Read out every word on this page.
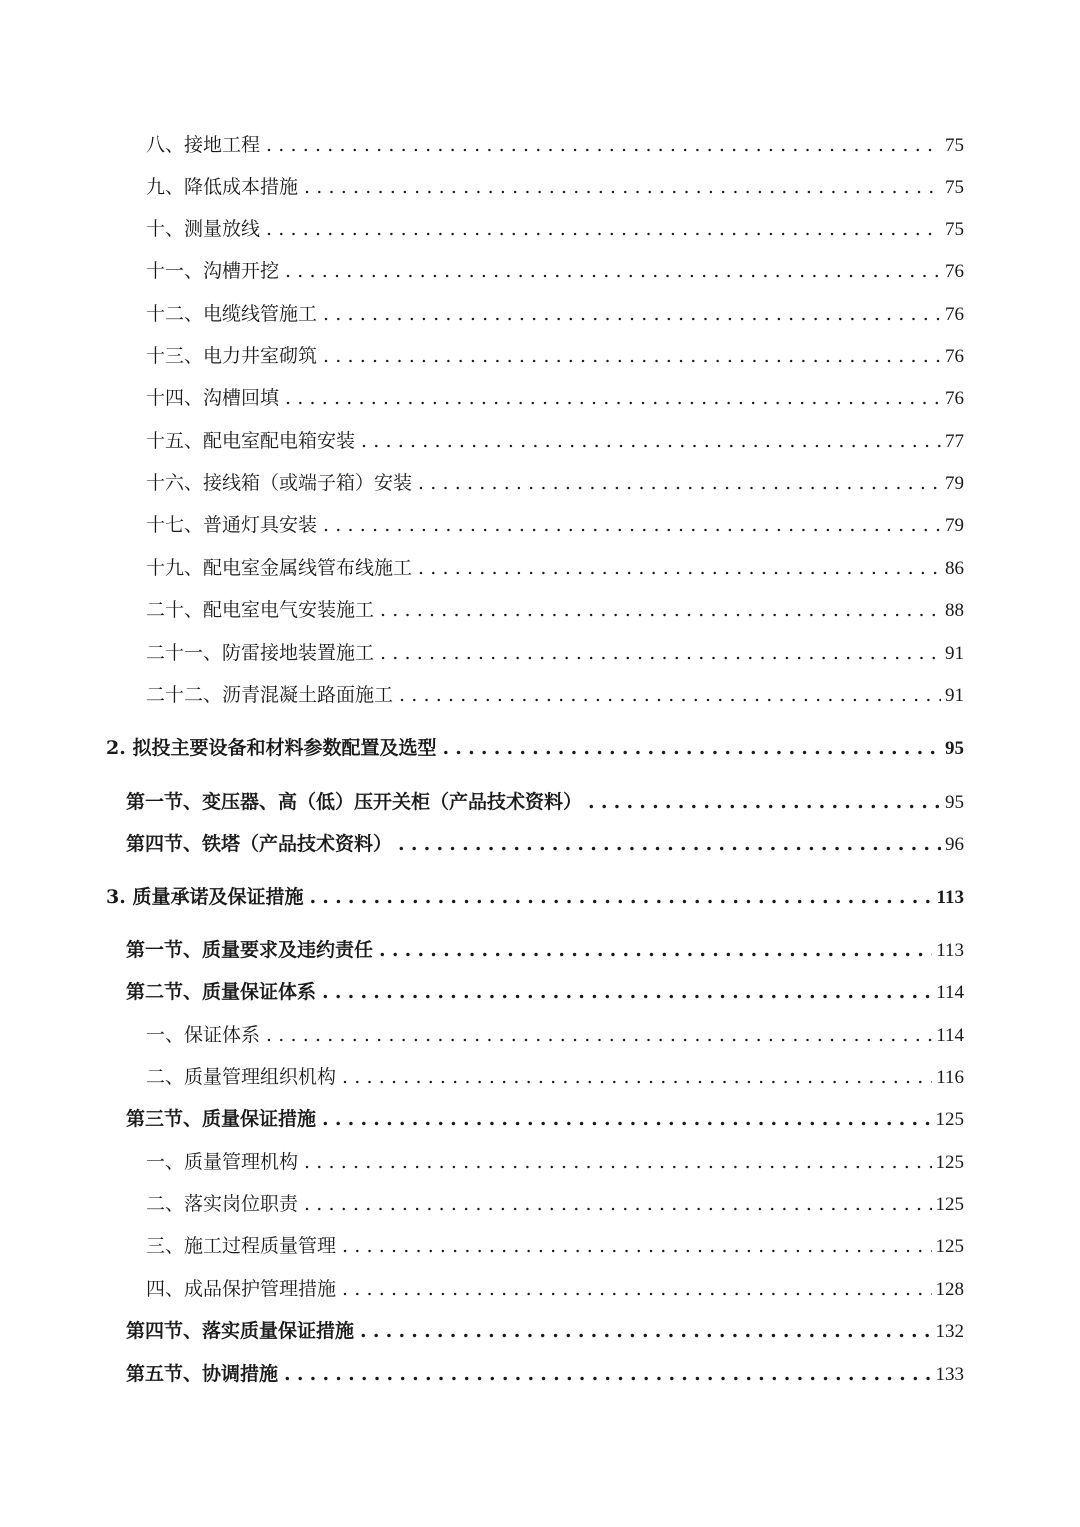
八、接地工程 .....	75
九、降低成本措施 .....	75
十、测量放线 .....	75
十一、沟槽开挖 .....	76
十二、电缆线管施工 .....	76
十三、电力井室砌筑 .....	76
十四、沟槽回填 .....	76
十五、配电室配电箱安装 .....	77
十六、接线箱（或端子箱）安装 .....	79
十七、普通灯具安装 .....	79
十九、配电室金属线管布线施工 .....	86
二十、配电室电气安装施工 .....	88
二十一、防雷接地装置施工 .....	91
二十二、沥青混凝土路面施工 .....	91
2. 拟投主要设备和材料参数配置及选型 .....	95
第一节、变压器、高（低）压开关柜（产品技术资料） .....	95
第四节、铁塔（产品技术资料） .....	96
3. 质量承诺及保证措施 .....	113
第一节、质量要求及违约责任 .....	113
第二节、质量保证体系 .....	114
一、保证体系 .....	114
二、质量管理组织机构 .....	116
第三节、质量保证措施 .....	125
一、质量管理机构 .....	125
二、落实岗位职责 .....	125
三、施工过程质量管理 .....	125
四、成品保护管理措施 .....	128
第四节、落实质量保证措施 .....	132
第五节、协调措施 .....	133
